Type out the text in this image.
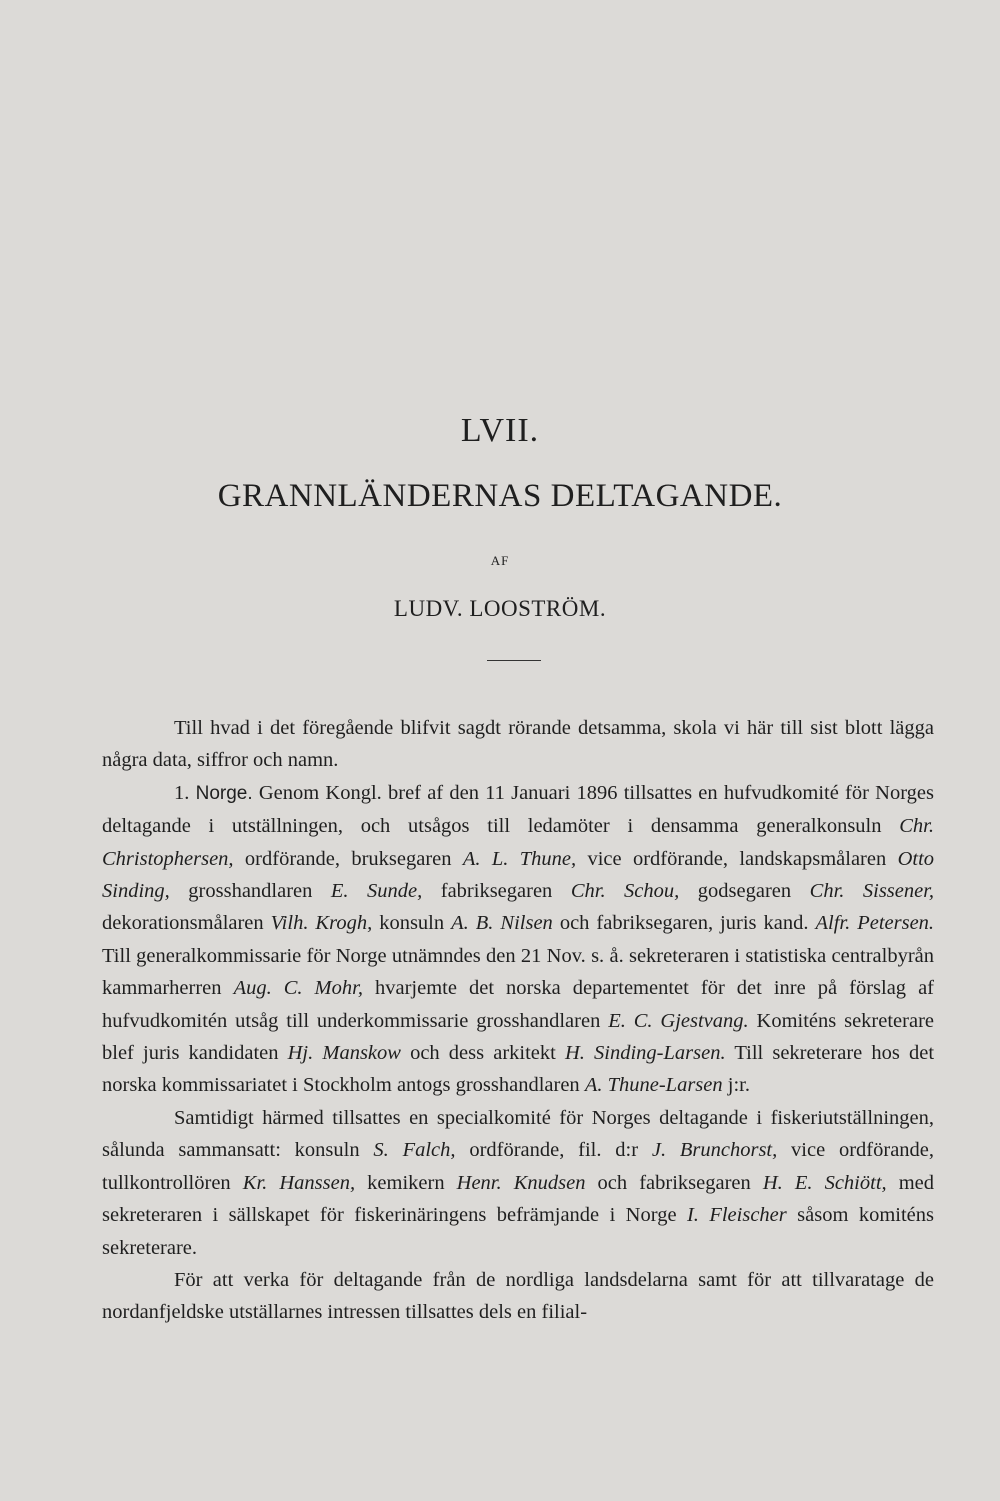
LVII.
GRANNLÄNDERNAS DELTAGANDE.
AF
LUDV. LOOSTRÖM.

Till hvad i det föregående blifvit sagdt rörande detsamma, skola vi här till sist blott lägga några data, siffror och namn.

1. Norge. Genom Kongl. bref af den 11 Januari 1896 tillsattes en hufvudkomité för Norges deltagande i utställningen, och utsågos till ledamöter i densamma generalkonsuln Chr. Christophersen, ordförande, bruksegaren A. L. Thune, vice ordförande, landskapsmålaren Otto Sinding, grosshandlaren E. Sunde, fabriksegaren Chr. Schou, godsegaren Chr. Sissener, dekorationsmålaren Vilh. Krogh, konsuln A. B. Nilsen och fabriksegaren, juris kand. Alfr. Petersen. Till generalkommissarie för Norge utnämndes den 21 Nov. s. å. sekreteraren i statistiska centralbyrån kammarherren Aug. C. Mohr, hvarjemte det norska departementet för det inre på förslag af hufvudkomitén utsåg till underkommissarie grosshandlaren E. C. Gjestvang. Komiténs sekreterare blef juris kandidaten Hj. Manskow och dess arkitekt H. Sinding-Larsen. Till sekreterare hos det norska kommissariatet i Stockholm antogs grosshandlaren A. Thune-Larsen j:r.

Samtidigt härmed tillsattes en specialkomité för Norges deltagande i fiskeriutställningen, sålunda sammansatt: konsuln S. Falch, ordförande, fil. d:r J. Brunchorst, vice ordförande, tullkontrollören Kr. Hanssen, kemikern Henr. Knudsen och fabriksegaren H. E. Schiött, med sekreteraren i sällskapet för fiskerinäringens befrämjande i Norge I. Fleischer såsom komiténs sekreterare.

För att verka för deltagande från de nordliga landsdelarna samt för att tillvaratage de nordanfjeldske utställarnes intressen tillsattes dels en filial-
